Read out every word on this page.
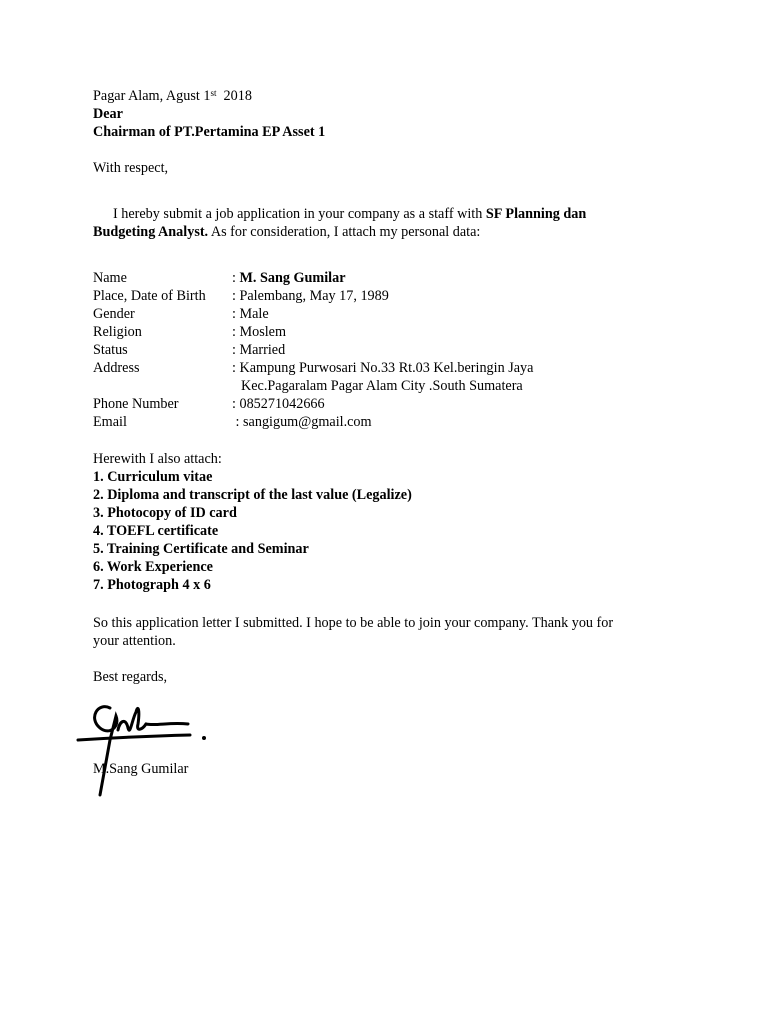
Pagar Alam, Agust 1st 2018
Dear
Chairman of PT.Pertamina EP Asset 1
With respect,
I hereby submit a job application in your company as a staff with SF Planning dan
Budgeting Analyst. As for consideration, I attach my personal data:
Name	: M. Sang Gumilar
Place, Date of Birth : Palembang, May 17, 1989
Gender	: Male
Religion	: Moslem
Status	: Married
Address	: Kampung Purwosari No.33 Rt.03 Kel.beringin Jaya
Kec.Pagaralam Pagar Alam City .South Sumatera
Phone Number	: 085271042666
Email	: sangigum@gmail.com
Herewith I also attach:
1. Curriculum vitae
2. Diploma and transcript of the last value (Legalize)
3. Photocopy of ID card
4. TOEFL certificate
5. Training Certificate and Seminar
6. Work Experience
7. Photograph 4 x 6
So this application letter I submitted. I hope to be able to join your company. Thank you for
your attention.
Best regards,
M.Sang Gumilar
